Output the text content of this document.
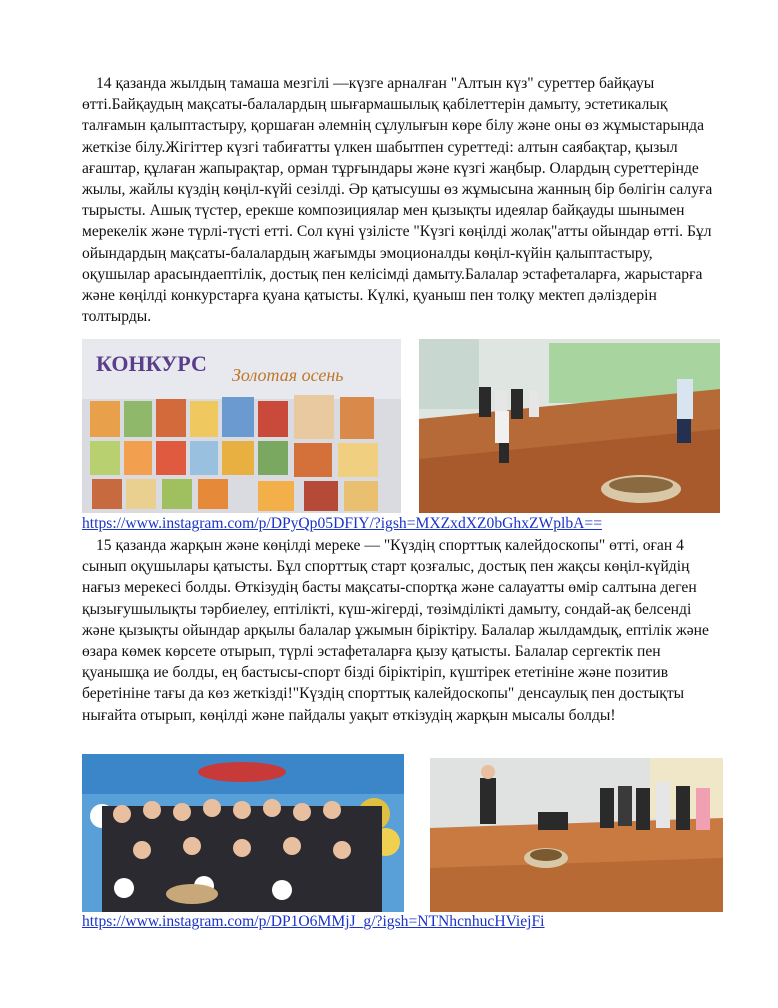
14 қазанда жылдың тамаша мезгілі —күзге арналған "Алтын күз" суреттер байқауы өтті.Байқаудың мақсаты-балалардың шығармашылық қабілеттерін дамыту, эстетикалық талғамын қалыптастыру, қоршаған әлемнің сұлулығын көре білу және оны өз жұмыстарында жеткізе білу.Жігіттер күзгі табиғатты үлкен шабытпен суреттеді: алтын саябақтар, қызыл ағаштар, құлаған жапырақтар, орман тұрғындары және күзгі жаңбыр. Олардың суреттерінде жылы, жайлы күздің көңіл-күйі сезілді. Әр қатысушы өз жұмысына жанның бір бөлігін салуға тырысты. Ашық түстер, ерекше композициялар мен қызықты идеялар байқауды шынымен мерекелік және түрлі-түсті етті. Сол күні үзілісте "Күзгі көңілді жолақ"атты ойындар өтті. Бұл ойындардың мақсаты-балалардың жағымды эмоционалды көңіл-күйін қалыптастыру, оқушылар арасындаептілік, достық пен келісімді дамыту.Балалар эстафеталарға, жарыстарға және көңілді конкурстарға қуана қатысты. Күлкі, қуаныш пен толқу мектеп дәліздерін толтырды.

КОНКУРС Золотая осень
https://www.instagram.com/p/DPyQp05DFIY/?igsh=MXZxdXZ0bGhxZWplbA==

15 қазанда жарқын және көңілді мереке — "Күздің спорттық калейдоскопы" өтті, оған 4 сынып оқушылары қатысты. Бұл спорттық старт қозғалыс, достық пен жақсы көңіл-күйдің нағыз мерекесі болды. Өткізудің басты мақсаты-спортқа және салауатты өмір салтына деген қызығушылықты тәрбиелеу, ептілікті, күш-жігерді, төзімділікті дамыту, сондай-ақ белсенді және қызықты ойындар арқылы балалар ұжымын біріктіру. Балалар жылдамдық, ептілік және өзара көмек көрсете отырып, түрлі эстафеталарға қызу қатысты. Балалар сергектік пен қуанышқа ие болды, ең бастысы-спорт бізді біріктіріп, күштірек ететініне және позитив беретініне тағы да көз жеткізді!"Күздің спорттық калейдоскопы" денсаулық пен достықты нығайта отырып, көңілді және пайдалы уақыт өткізудің жарқын мысалы болды!

https://www.instagram.com/p/DP1O6MMjJ_g/?igsh=NTNhcnhucHViejFi
